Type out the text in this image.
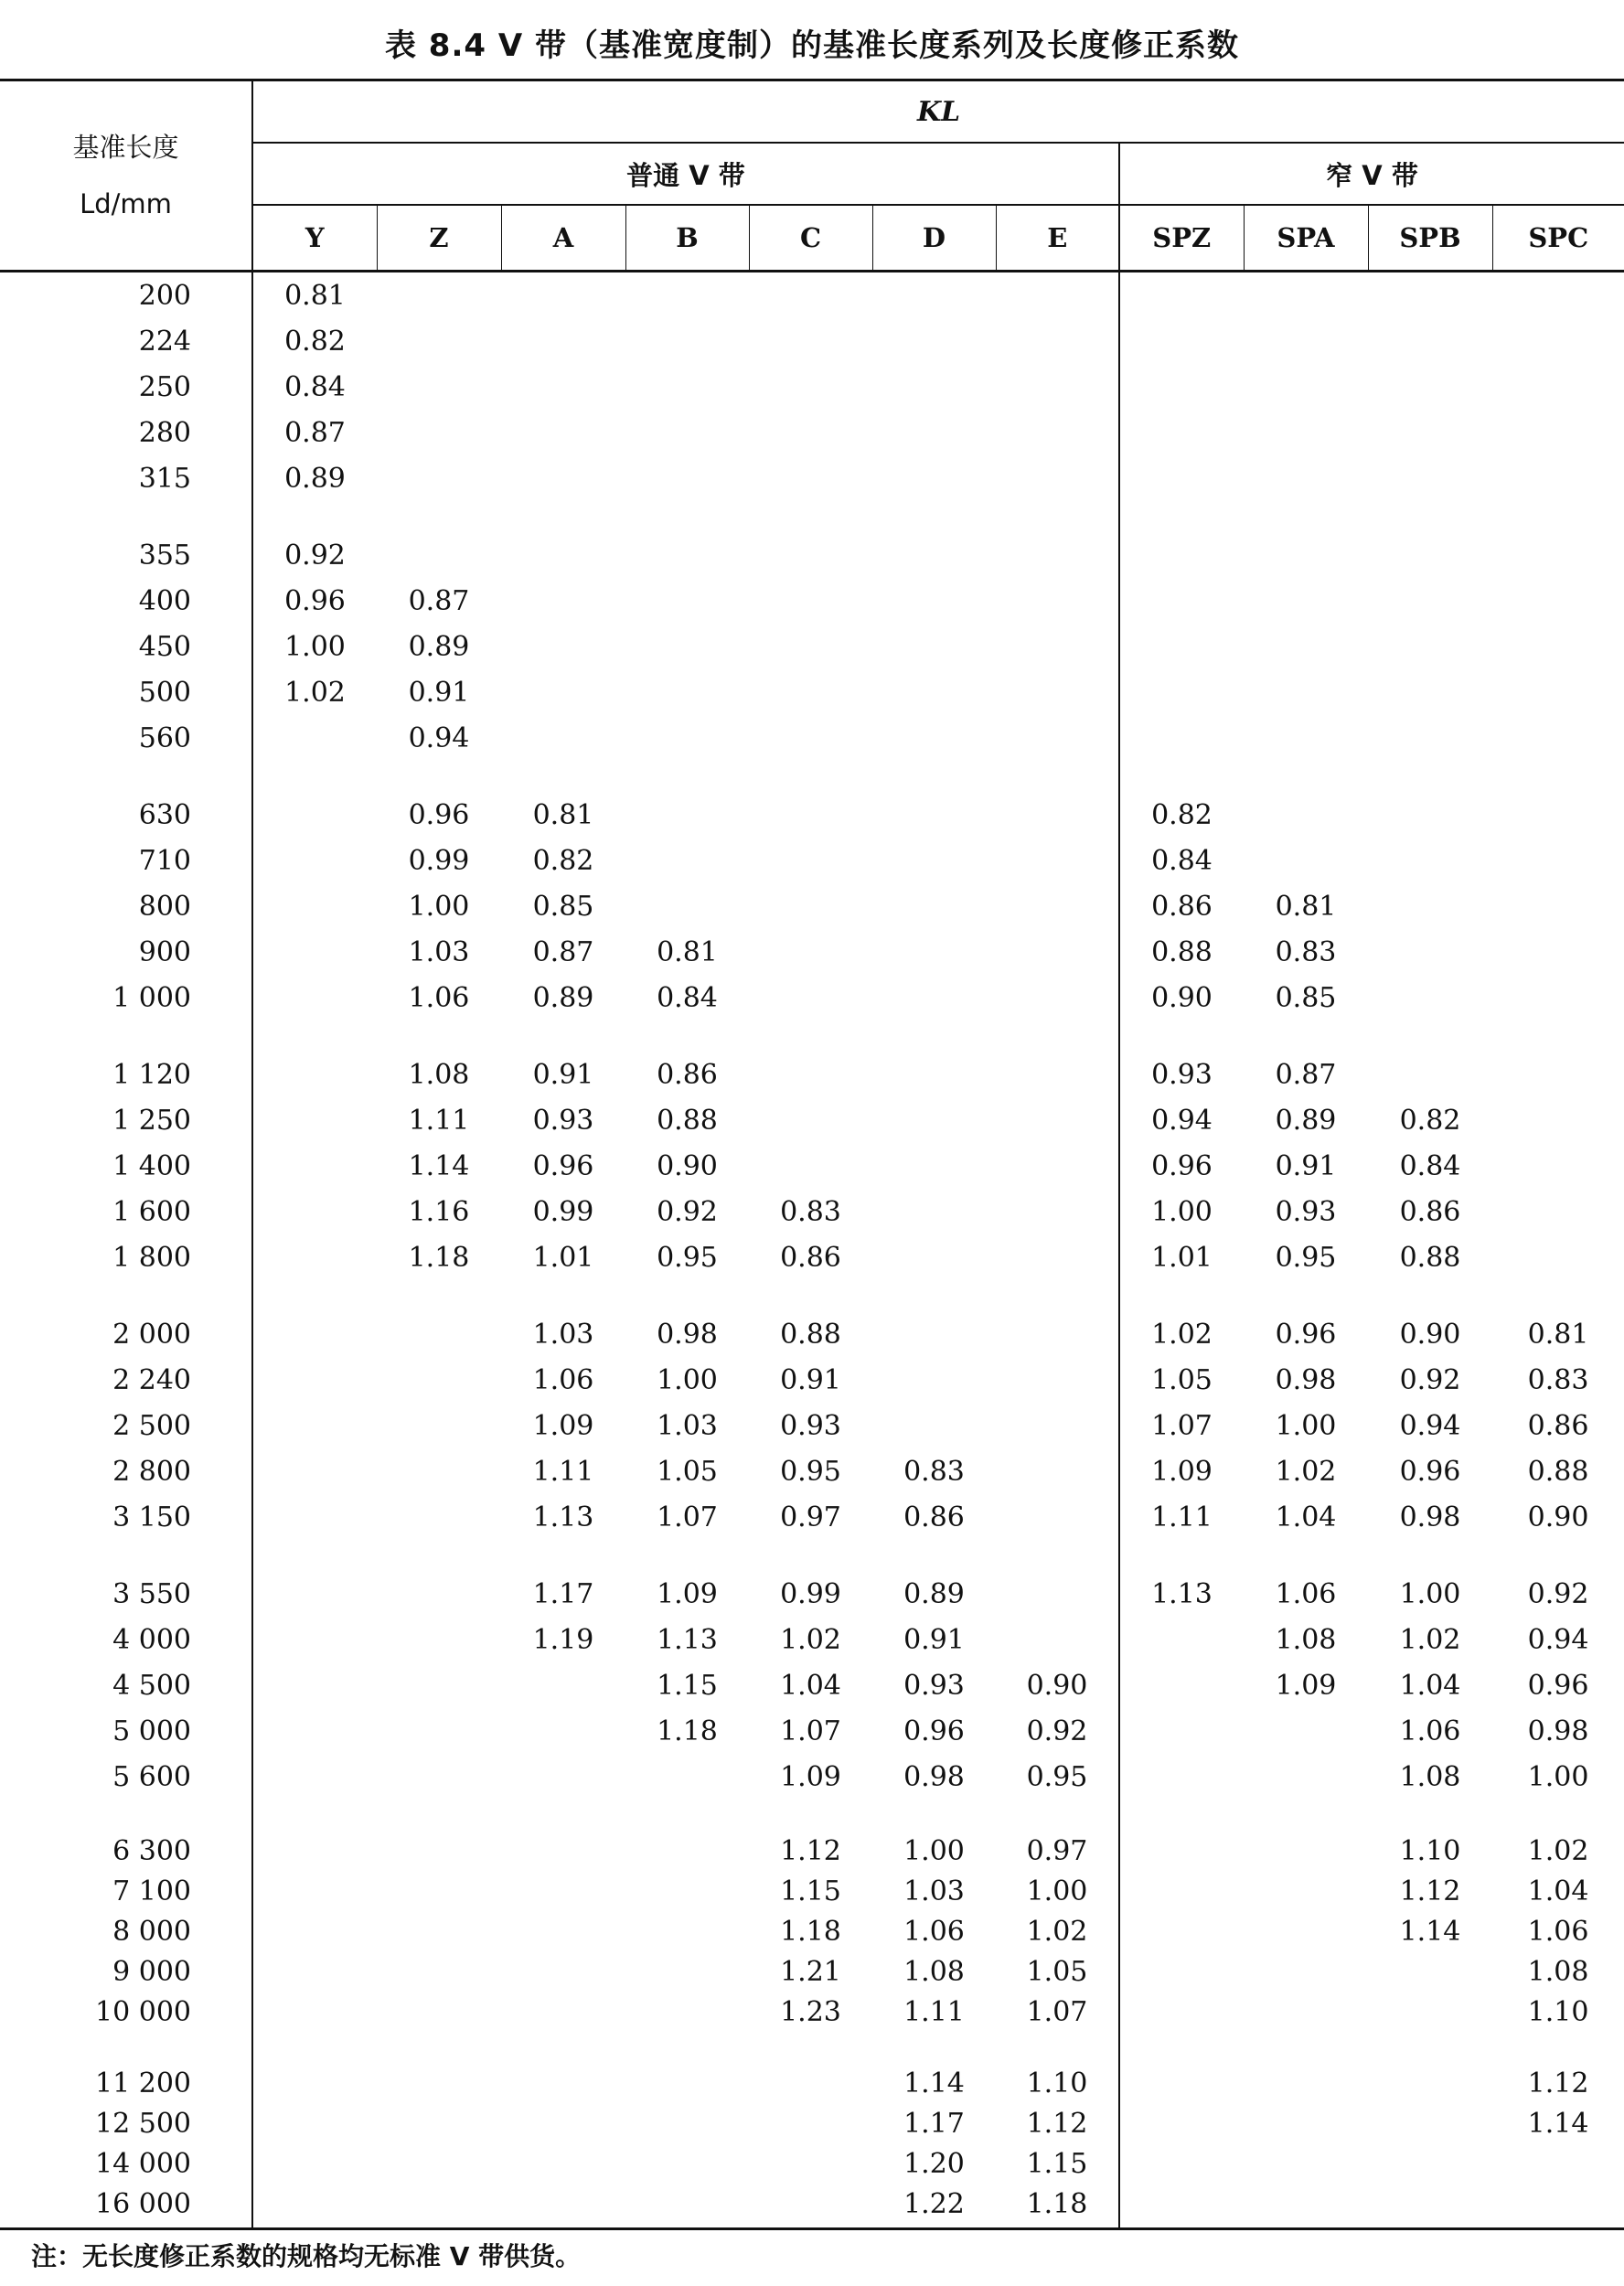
表 8.4 V 带（基准宽度制）的基准长度系列及长度修正系数
基准长度
Ld/mm	KL										
	普通 V 带							窄 V 带			
	Y	Z	A	B	C	D	E	SPZ	SPA	SPB	SPC
200	0.81										
224	0.82										
250	0.84										
280	0.87										
315	0.89										
355	0.92										
400	0.96	0.87									
450	1.00	0.89									
500	1.02	0.91									
560		0.94									
630		0.96	0.81					0.82			
710		0.99	0.82					0.84			
800		1.00	0.85					0.86	0.81		
900		1.03	0.87	0.81				0.88	0.83		
1 000		1.06	0.89	0.84				0.90	0.85		
1 120		1.08	0.91	0.86				0.93	0.87		
1 250		1.11	0.93	0.88				0.94	0.89	0.82	
1 400		1.14	0.96	0.90				0.96	0.91	0.84	
1 600		1.16	0.99	0.92	0.83			1.00	0.93	0.86	
1 800		1.18	1.01	0.95	0.86			1.01	0.95	0.88	
2 000			1.03	0.98	0.88			1.02	0.96	0.90	0.81
2 240			1.06	1.00	0.91			1.05	0.98	0.92	0.83
2 500			1.09	1.03	0.93			1.07	1.00	0.94	0.86
2 800			1.11	1.05	0.95	0.83		1.09	1.02	0.96	0.88
3 150			1.13	1.07	0.97	0.86		1.11	1.04	0.98	0.90
3 550			1.17	1.09	0.99	0.89		1.13	1.06	1.00	0.92
4 000			1.19	1.13	1.02	0.91			1.08	1.02	0.94
4 500				1.15	1.04	0.93	0.90		1.09	1.04	0.96
5 000				1.18	1.07	0.96	0.92			1.06	0.98
5 600					1.09	0.98	0.95			1.08	1.00
6 300					1.12	1.00	0.97			1.10	1.02
7 100					1.15	1.03	1.00			1.12	1.04
8 000					1.18	1.06	1.02			1.14	1.06
9 000					1.21	1.08	1.05				1.08
10 000					1.23	1.11	1.07				1.10
11 200						1.14	1.10				1.12
12 500						1.17	1.12				1.14
14 000						1.20	1.15				
16 000						1.22	1.18				
注：无长度修正系数的规格均无标准 V 带供货。
